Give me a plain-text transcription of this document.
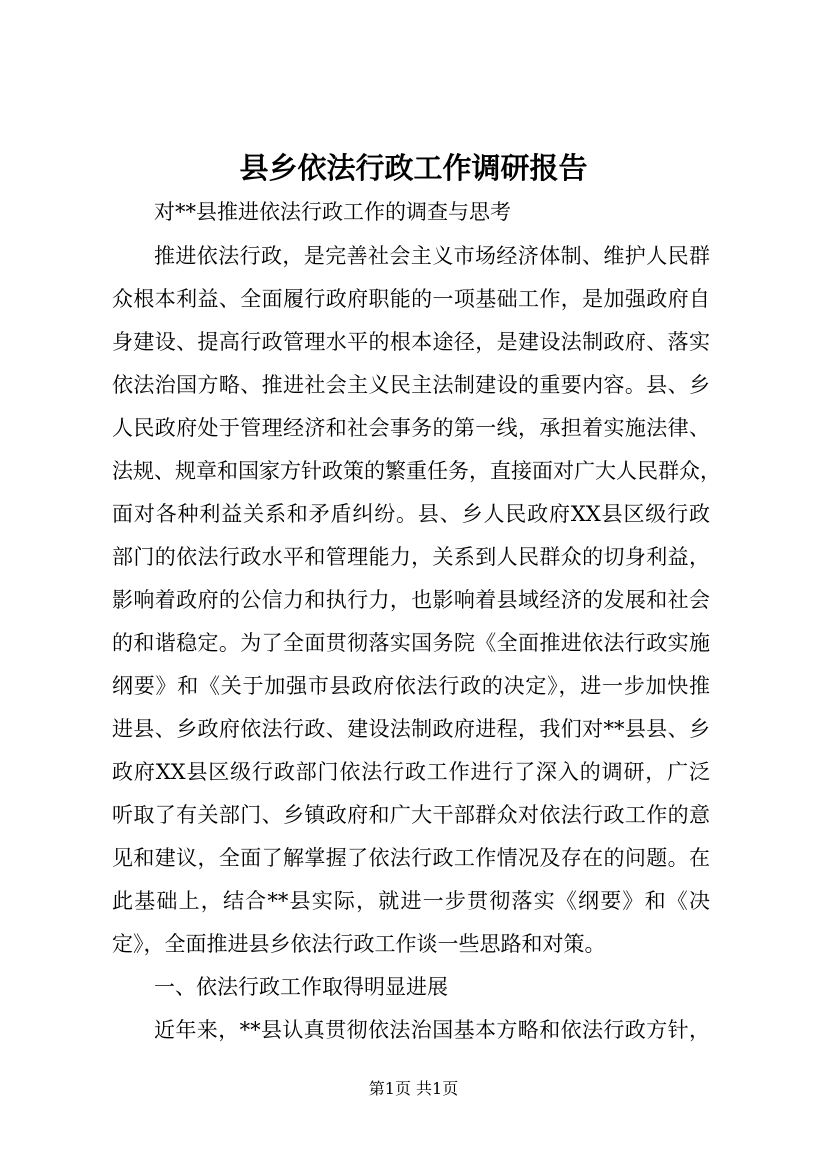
县乡依法行政工作调研报告
对**县推进依法行政工作的调查与思考
推进依法行政，是完善社会主义市场经济体制、维护人民群
众根本利益、全面履行政府职能的一项基础工作，是加强政府自
身建设、提高行政管理水平的根本途径，是建设法制政府、落实
依法治国方略、推进社会主义民主法制建设的重要内容。县、乡
人民政府处于管理经济和社会事务的第一线，承担着实施法律、
法规、规章和国家方针政策的繁重任务，直接面对广大人民群众，
面对各种利益关系和矛盾纠纷。县、乡人民政府XX县区级行政
部门的依法行政水平和管理能力，关系到人民群众的切身利益，
影响着政府的公信力和执行力，也影响着县域经济的发展和社会
的和谐稳定。为了全面贯彻落实国务院《全面推进依法行政实施
纲要》和《关于加强市县政府依法行政的决定》，进一步加快推
进县、乡政府依法行政、建设法制政府进程，我们对**县县、乡
政府XX县区级行政部门依法行政工作进行了深入的调研，广泛
听取了有关部门、乡镇政府和广大干部群众对依法行政工作的意
见和建议，全面了解掌握了依法行政工作情况及存在的问题。在
此基础上，结合**县实际，就进一步贯彻落实《纲要》和《决
定》，全面推进县乡依法行政工作谈一些思路和对策。
一、依法行政工作取得明显进展
近年来，**县认真贯彻依法治国基本方略和依法行政方针，
第1页 共1页
